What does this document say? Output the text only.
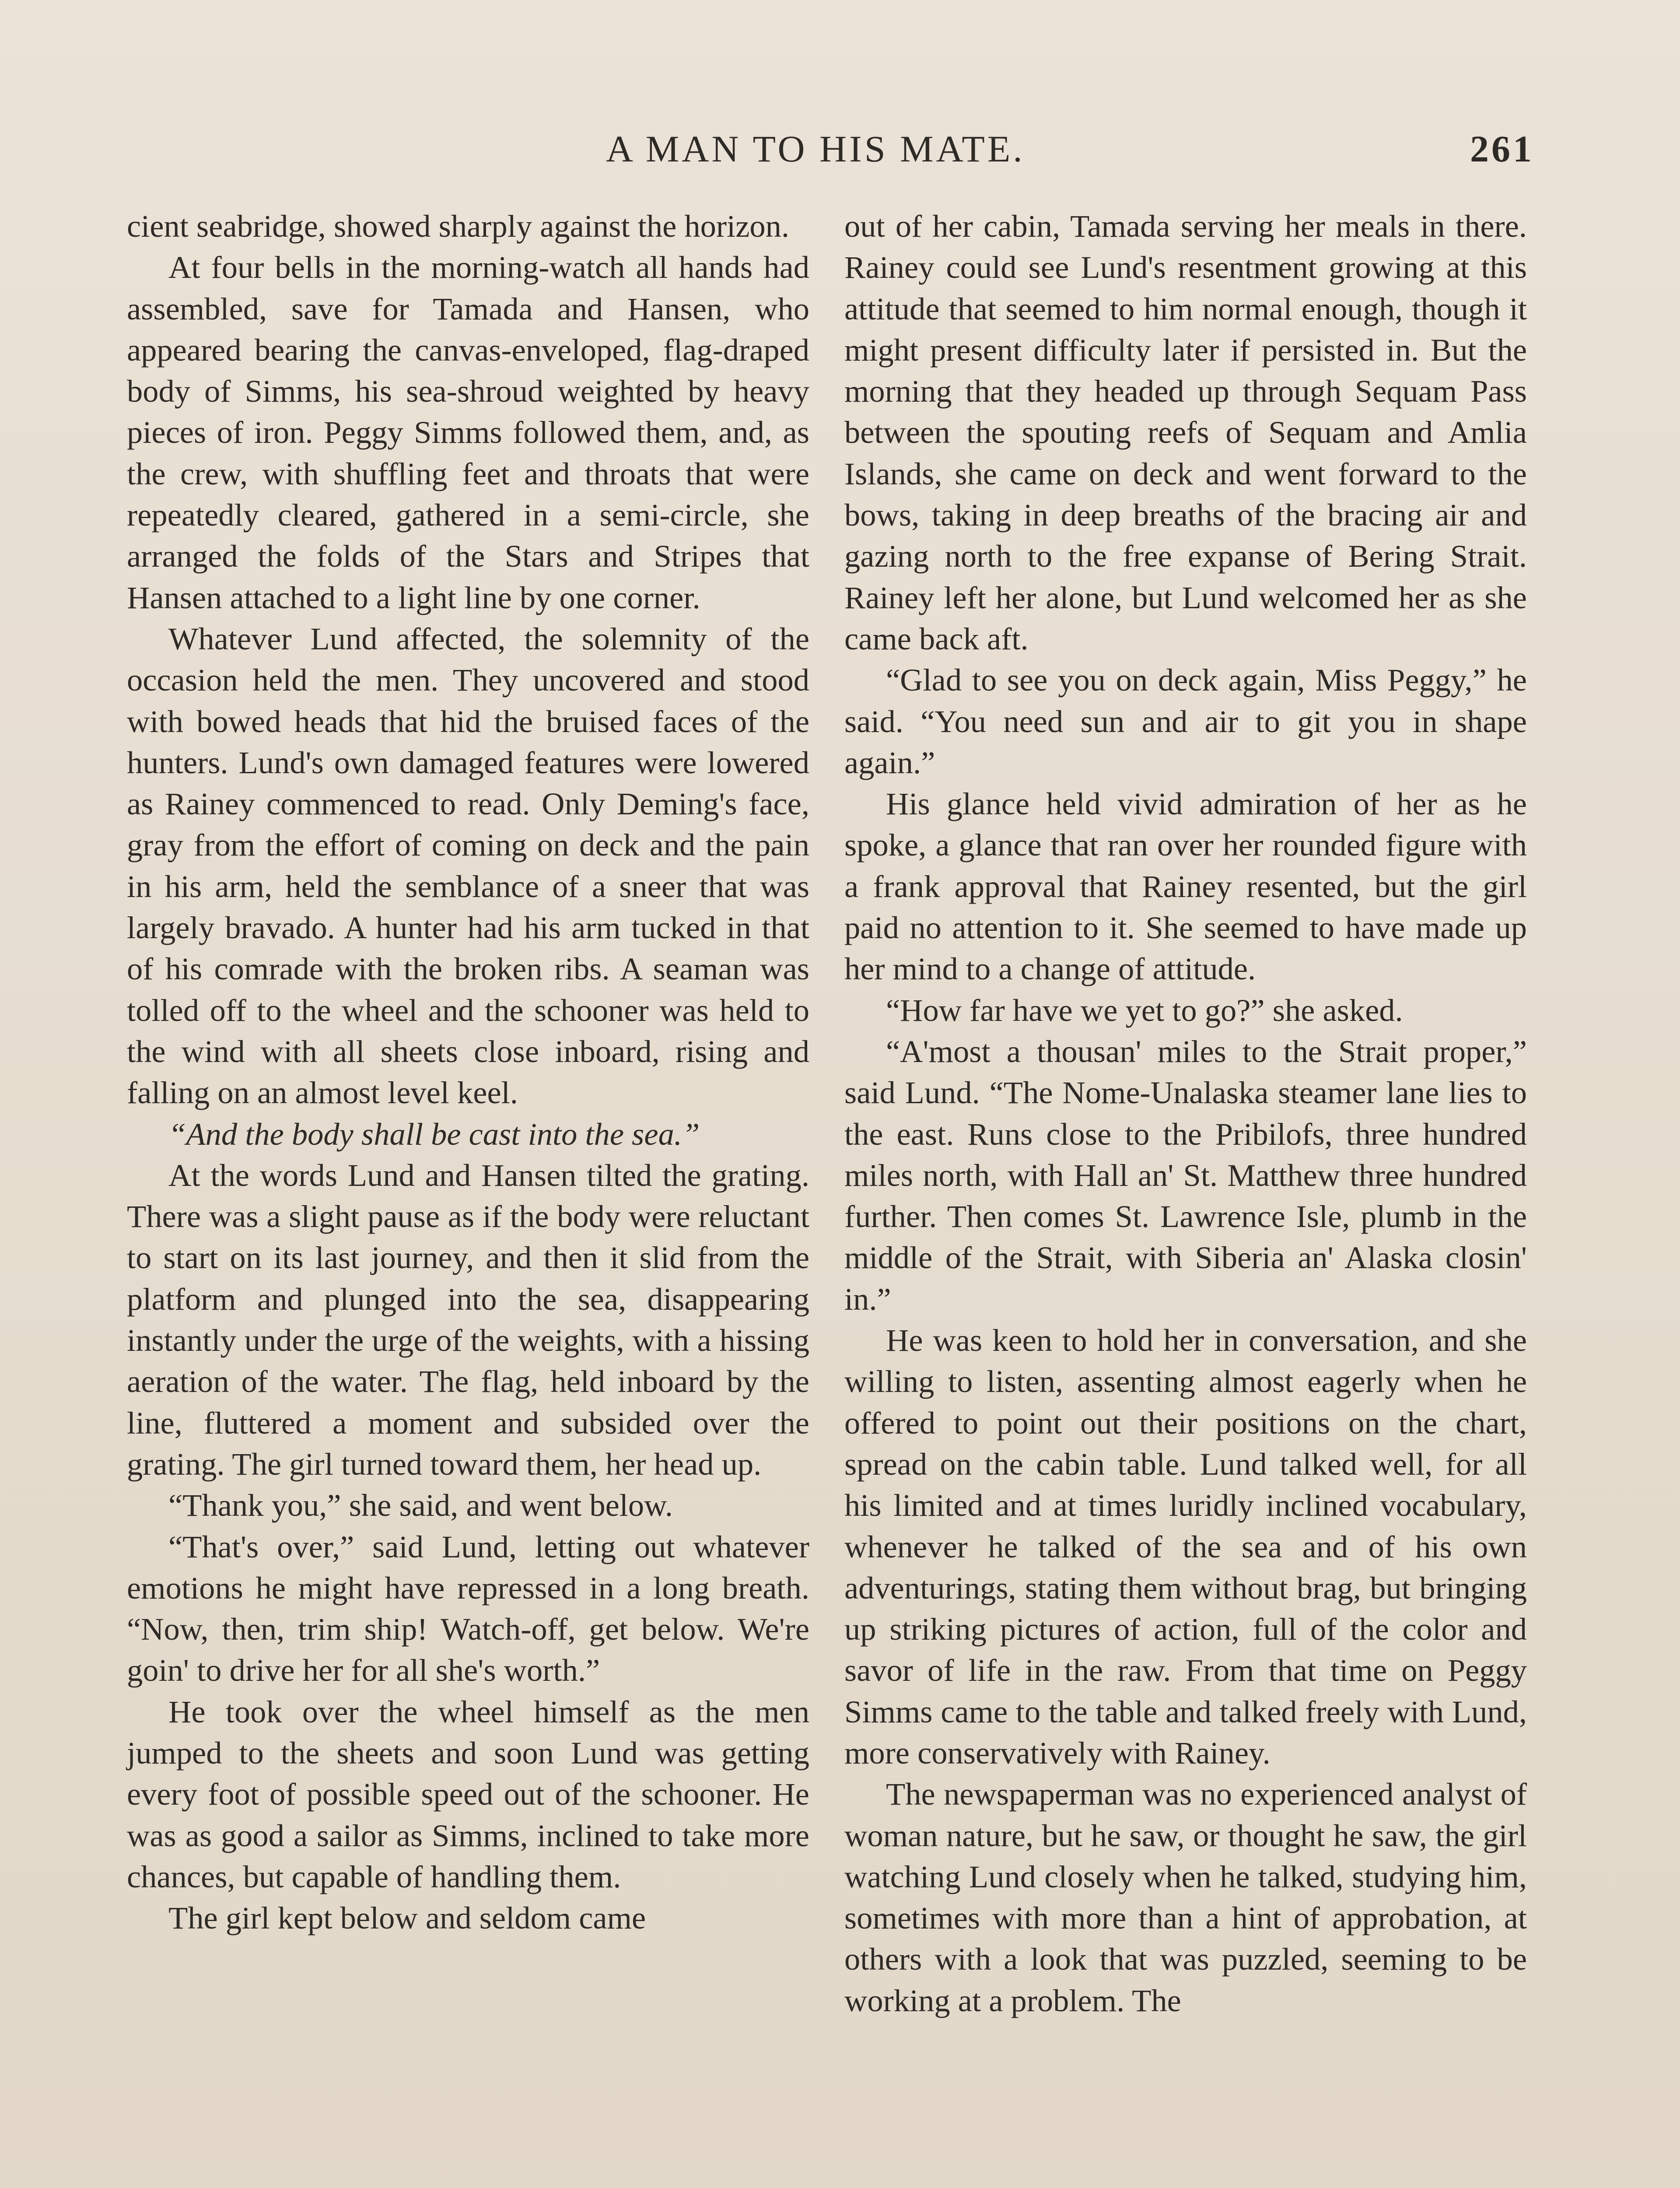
A MAN TO HIS MATE.	261

cient seabridge, showed sharply against the horizon.

At four bells in the morning-watch all hands had assembled, save for Tamada and Hansen, who appeared bearing the canvas-enveloped, flag-draped body of Simms, his sea-shroud weighted by heavy pieces of iron. Peggy Simms followed them, and, as the crew, with shuffling feet and throats that were repeatedly cleared, gathered in a semi-circle, she arranged the folds of the Stars and Stripes that Hansen attached to a light line by one corner.

Whatever Lund affected, the solemnity of the occasion held the men. They uncovered and stood with bowed heads that hid the bruised faces of the hunters. Lund's own damaged features were lowered as Rainey commenced to read. Only Deming's face, gray from the effort of coming on deck and the pain in his arm, held the semblance of a sneer that was largely bravado. A hunter had his arm tucked in that of his comrade with the broken ribs. A seaman was tolled off to the wheel and the schooner was held to the wind with all sheets close inboard, rising and falling on an almost level keel.

“And the body shall be cast into the sea.”

At the words Lund and Hansen tilted the grating. There was a slight pause as if the body were reluctant to start on its last journey, and then it slid from the platform and plunged into the sea, disappearing instantly under the urge of the weights, with a hissing aeration of the water. The flag, held inboard by the line, fluttered a moment and subsided over the grating. The girl turned toward them, her head up.

“Thank you,” she said, and went below.

“That's over,” said Lund, letting out whatever emotions he might have repressed in a long breath. “Now, then, trim ship! Watch-off, get below. We're goin' to drive her for all she's worth.”

He took over the wheel himself as the men jumped to the sheets and soon Lund was getting every foot of possible speed out of the schooner. He was as good a sailor as Simms, inclined to take more chances, but capable of handling them.

The girl kept below and seldom came

out of her cabin, Tamada serving her meals in there. Rainey could see Lund's resentment growing at this attitude that seemed to him normal enough, though it might present difficulty later if persisted in. But the morning that they headed up through Sequam Pass between the spouting reefs of Sequam and Amlia Islands, she came on deck and went forward to the bows, taking in deep breaths of the bracing air and gazing north to the free expanse of Bering Strait. Rainey left her alone, but Lund welcomed her as she came back aft.

“Glad to see you on deck again, Miss Peggy,” he said. “You need sun and air to git you in shape again.”

His glance held vivid admiration of her as he spoke, a glance that ran over her rounded figure with a frank approval that Rainey resented, but the girl paid no attention to it. She seemed to have made up her mind to a change of attitude.

“How far have we yet to go?” she asked.

“A'most a thousan' miles to the Strait proper,” said Lund. “The Nome-Unalaska steamer lane lies to the east. Runs close to the Pribilofs, three hundred miles north, with Hall an' St. Matthew three hundred further. Then comes St. Lawrence Isle, plumb in the middle of the Strait, with Siberia an' Alaska closin' in.”

He was keen to hold her in conversation, and she willing to listen, assenting almost eagerly when he offered to point out their positions on the chart, spread on the cabin table. Lund talked well, for all his limited and at times luridly inclined vocabulary, whenever he talked of the sea and of his own adventurings, stating them without brag, but bringing up striking pictures of action, full of the color and savor of life in the raw. From that time on Peggy Simms came to the table and talked freely with Lund, more conservatively with Rainey.

The newspaperman was no experienced analyst of woman nature, but he saw, or thought he saw, the girl watching Lund closely when he talked, studying him, sometimes with more than a hint of approbation, at others with a look that was puzzled, seeming to be working at a problem. The
